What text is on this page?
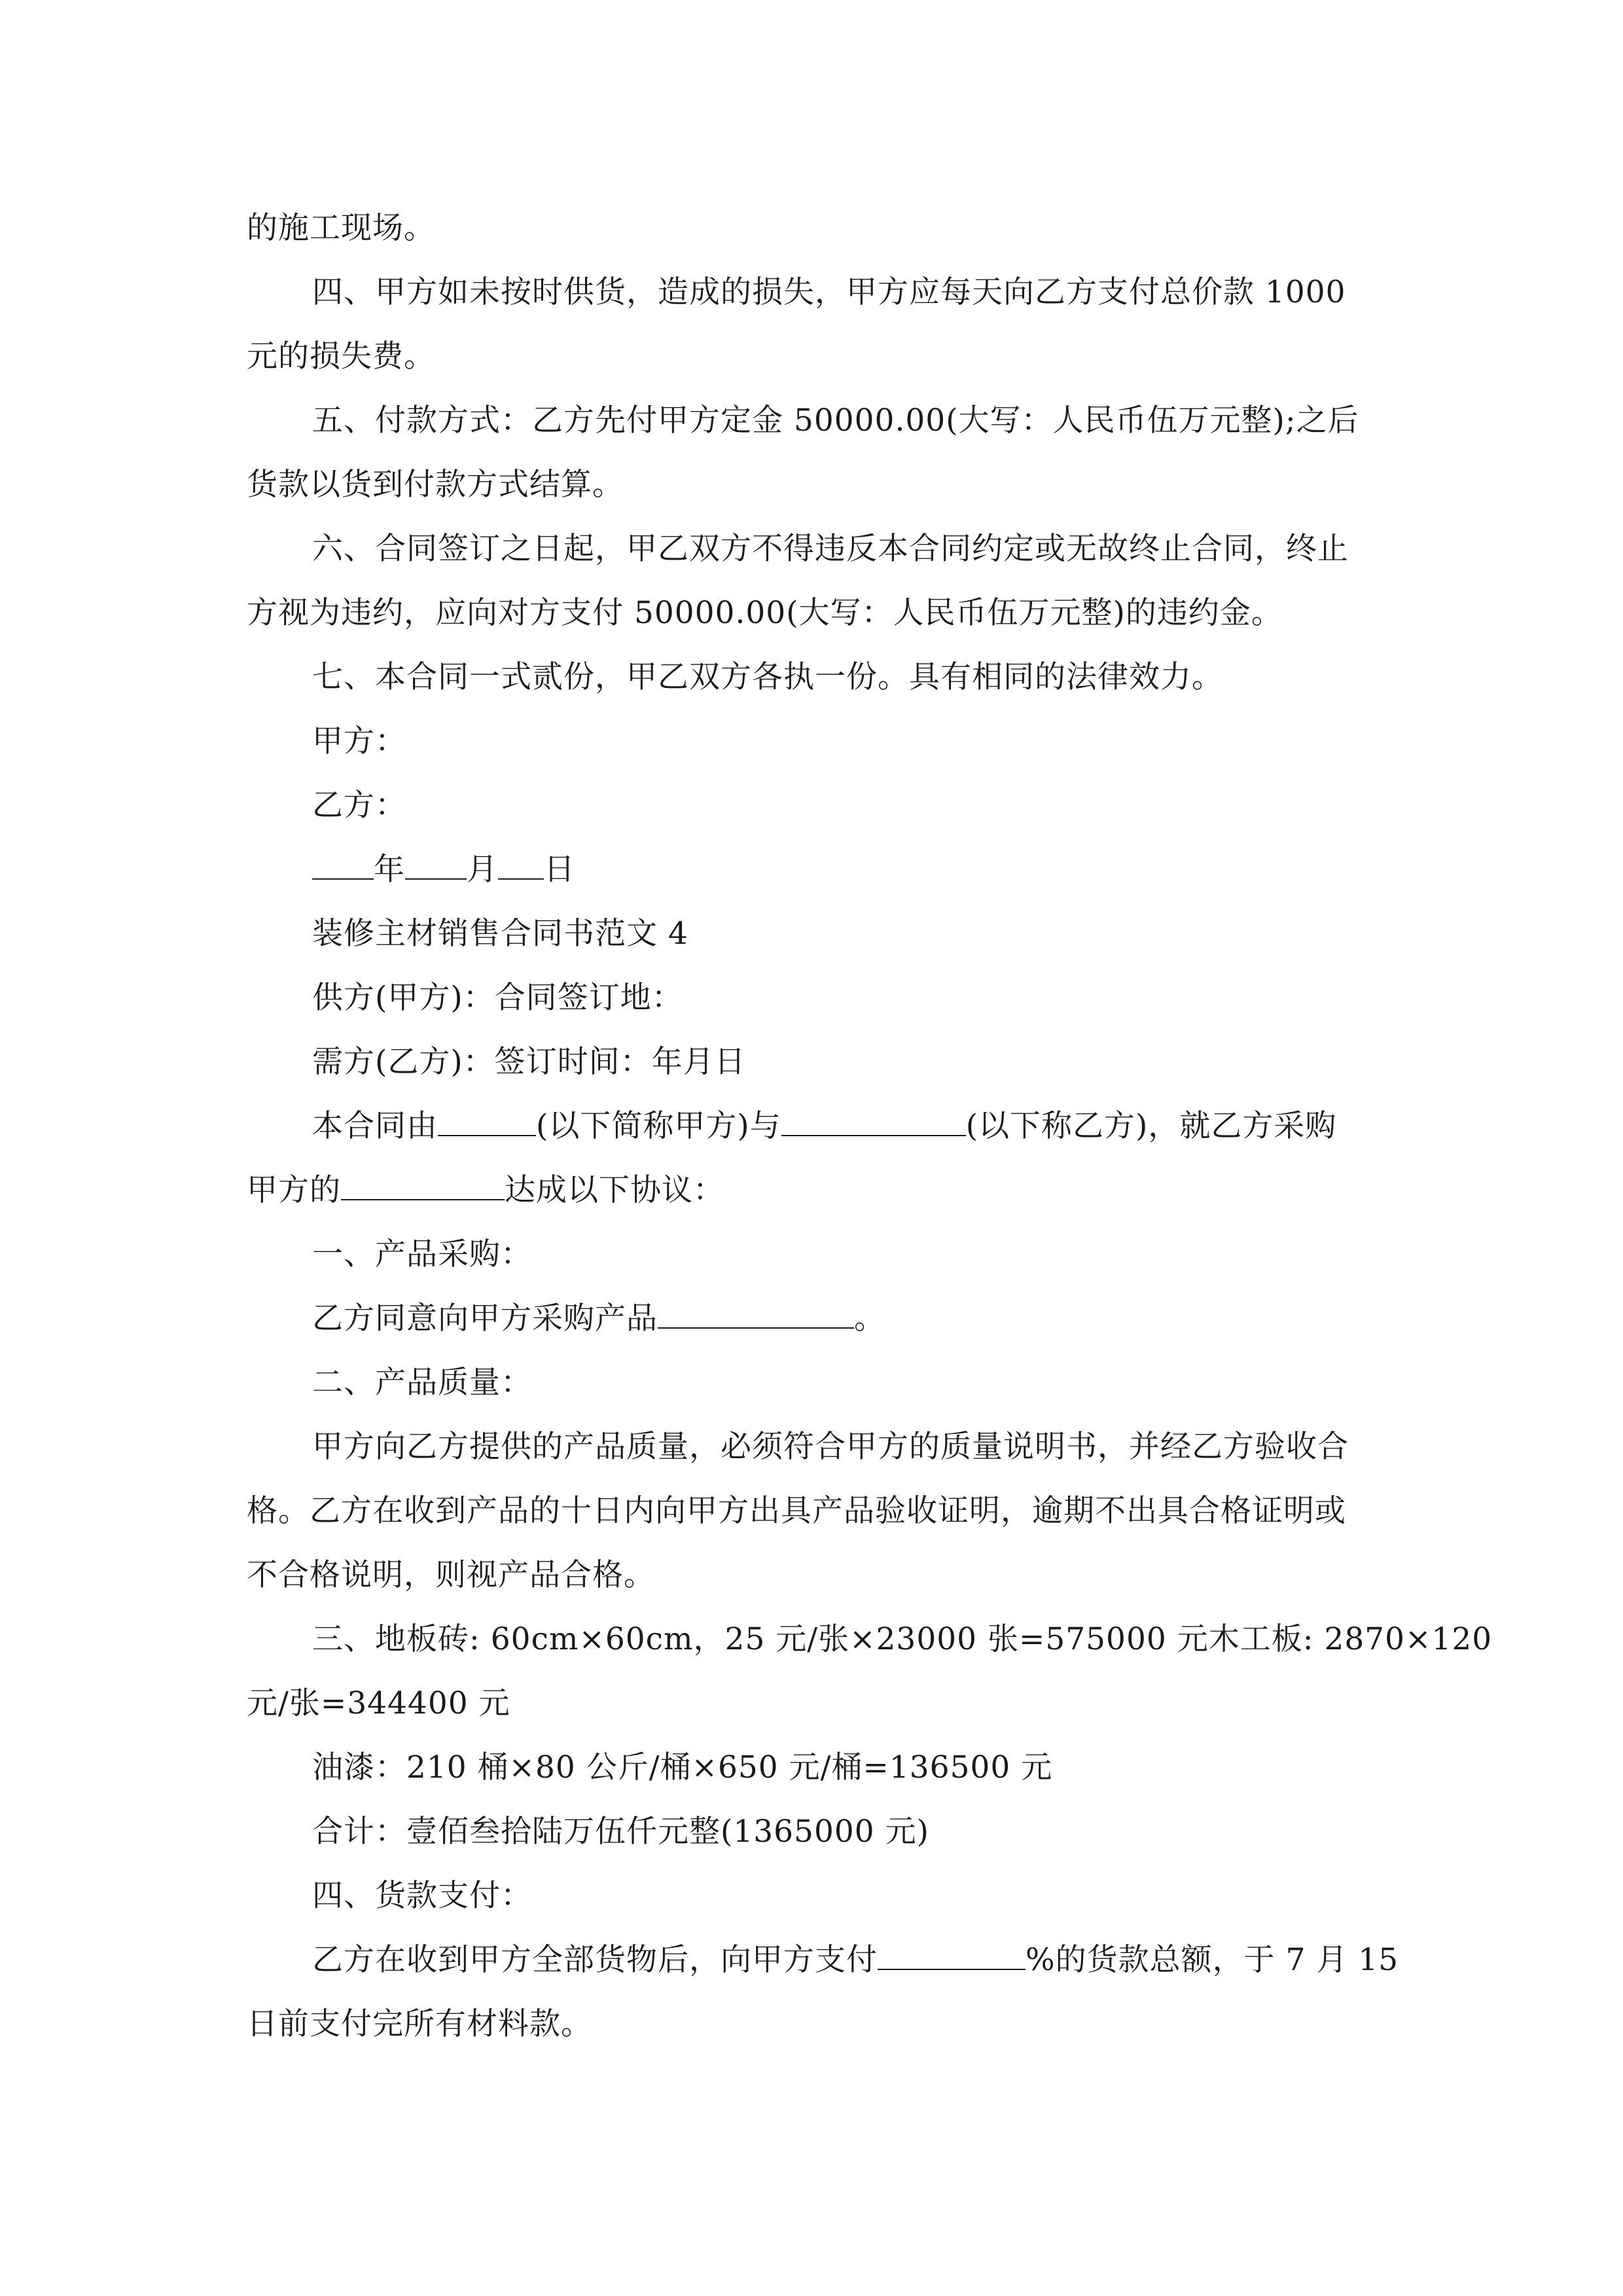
的施工现场。
四、甲方如未按时供货，造成的损失，甲方应每天向乙方支付总价款 1000
元的损失费。
五、付款方式：乙方先付甲方定金 50000.00(大写：人民币伍万元整);之后
货款以货到付款方式结算。
六、合同签订之日起，甲乙双方不得违反本合同约定或无故终止合同，终止
方视为违约，应向对方支付 50000.00(大写：人民币伍万元整)的违约金。
七、本合同一式贰份，甲乙双方各执一份。具有相同的法律效力。
甲方：
乙方：
年 月 日
装修主材销售合同书范文 4
供方(甲方)：合同签订地：
需方(乙方)：签订时间：年月日
本合同由	(以下简称甲方)与	(以下称乙方)，就乙方采购
甲方的	达成以下协议：
一、产品采购：
乙方同意向甲方采购产品	。
二、产品质量：
甲方向乙方提供的产品质量，必须符合甲方的质量说明书，并经乙方验收合
格。乙方在收到产品的十日内向甲方出具产品验收证明，逾期不出具合格证明或
不合格说明，则视产品合格。
三、地板砖: 60cm×60cm，25 元/张×23000 张=575000 元木工板: 2870×120
元/张=344400 元
油漆：210 桶×80 公斤/桶×650 元/桶=136500 元
合计：壹佰叁拾陆万伍仟元整(1365000 元)
四、货款支付：
乙方在收到甲方全部货物后，向甲方支付	%的货款总额，于 7 月 15
日前支付完所有材料款。
